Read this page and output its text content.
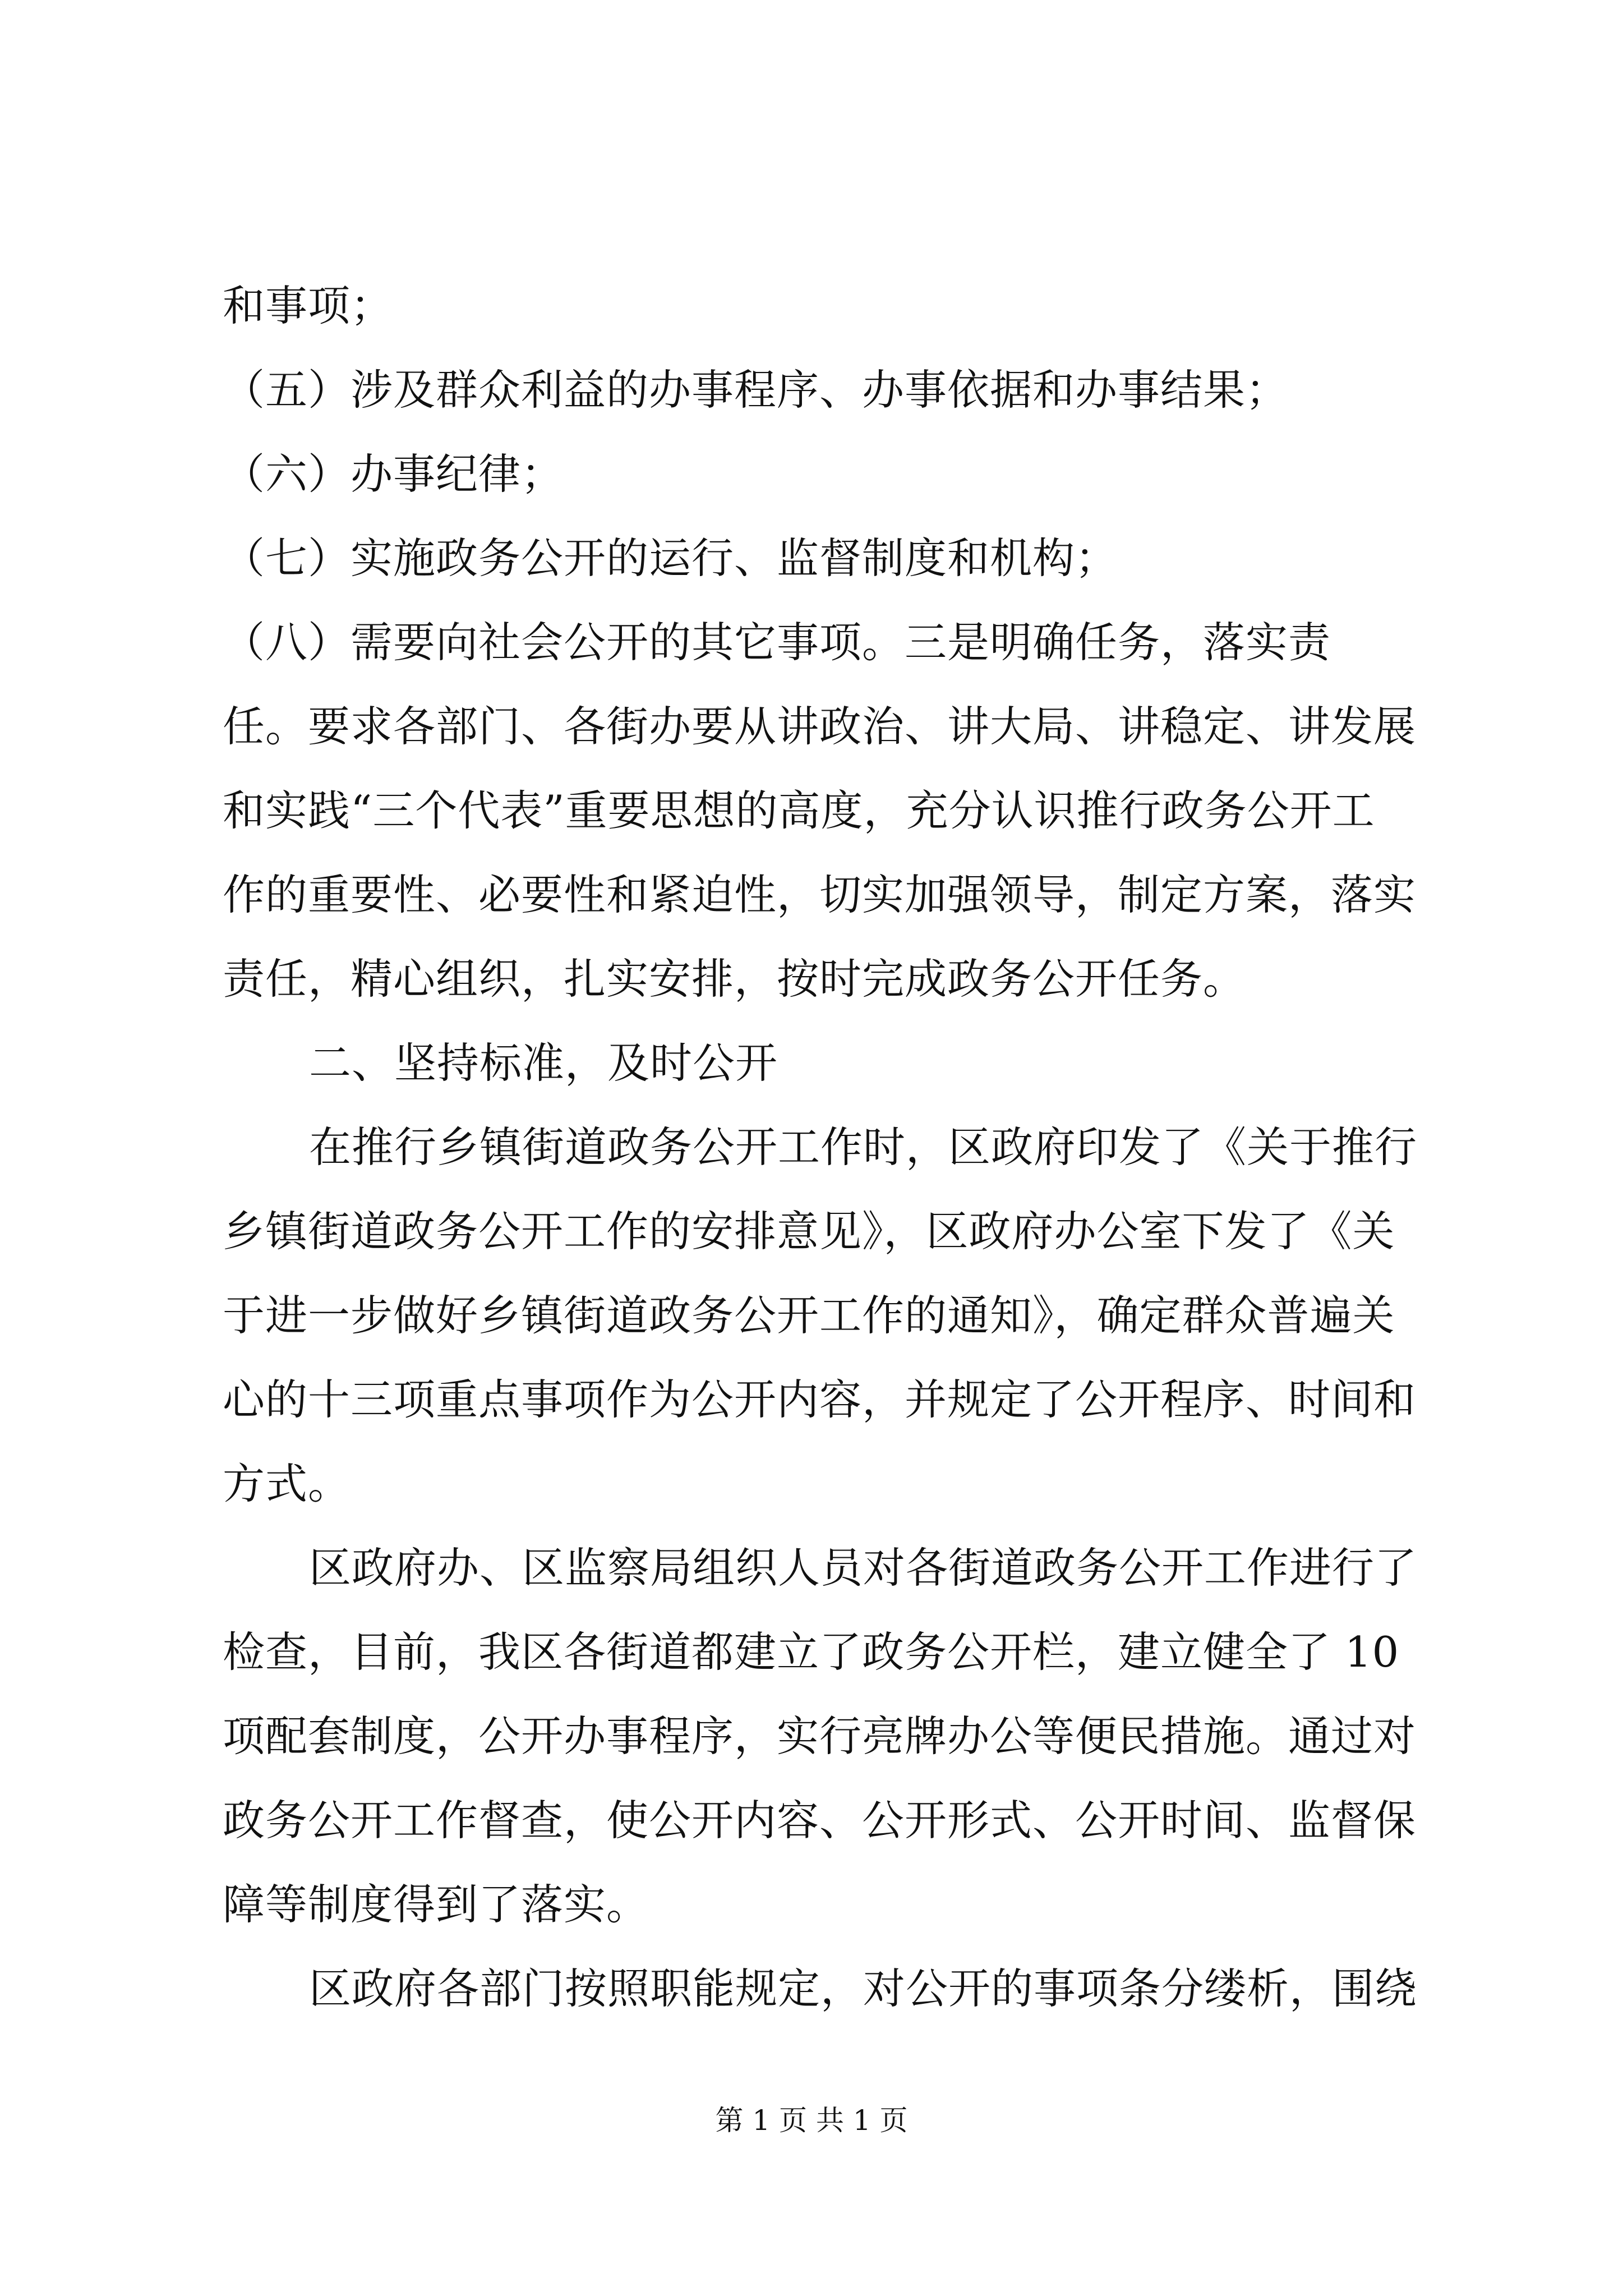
和事项；
（五）涉及群众利益的办事程序、办事依据和办事结果；
（六）办事纪律；
（七）实施政务公开的运行、监督制度和机构；
（八）需要向社会公开的其它事项。三是明确任务，落实责
任。要求各部门、各街办要从讲政治、讲大局、讲稳定、讲发展
和实践“三个代表”重要思想的高度，充分认识推行政务公开工
作的重要性、必要性和紧迫性，切实加强领导，制定方案，落实
责任，精心组织，扎实安排，按时完成政务公开任务。
二、坚持标准，及时公开
在推行乡镇街道政务公开工作时，区政府印发了《关于推行
乡镇街道政务公开工作的安排意见》，区政府办公室下发了《关
于进一步做好乡镇街道政务公开工作的通知》，确定群众普遍关
心的十三项重点事项作为公开内容，并规定了公开程序、时间和
方式。
区政府办、区监察局组织人员对各街道政务公开工作进行了
检查，目前，我区各街道都建立了政务公开栏，建立健全了 10
项配套制度，公开办事程序，实行亮牌办公等便民措施。通过对
政务公开工作督查，使公开内容、公开形式、公开时间、监督保
障等制度得到了落实。
区政府各部门按照职能规定，对公开的事项条分缕析，围绕
第 1 页 共 1 页
